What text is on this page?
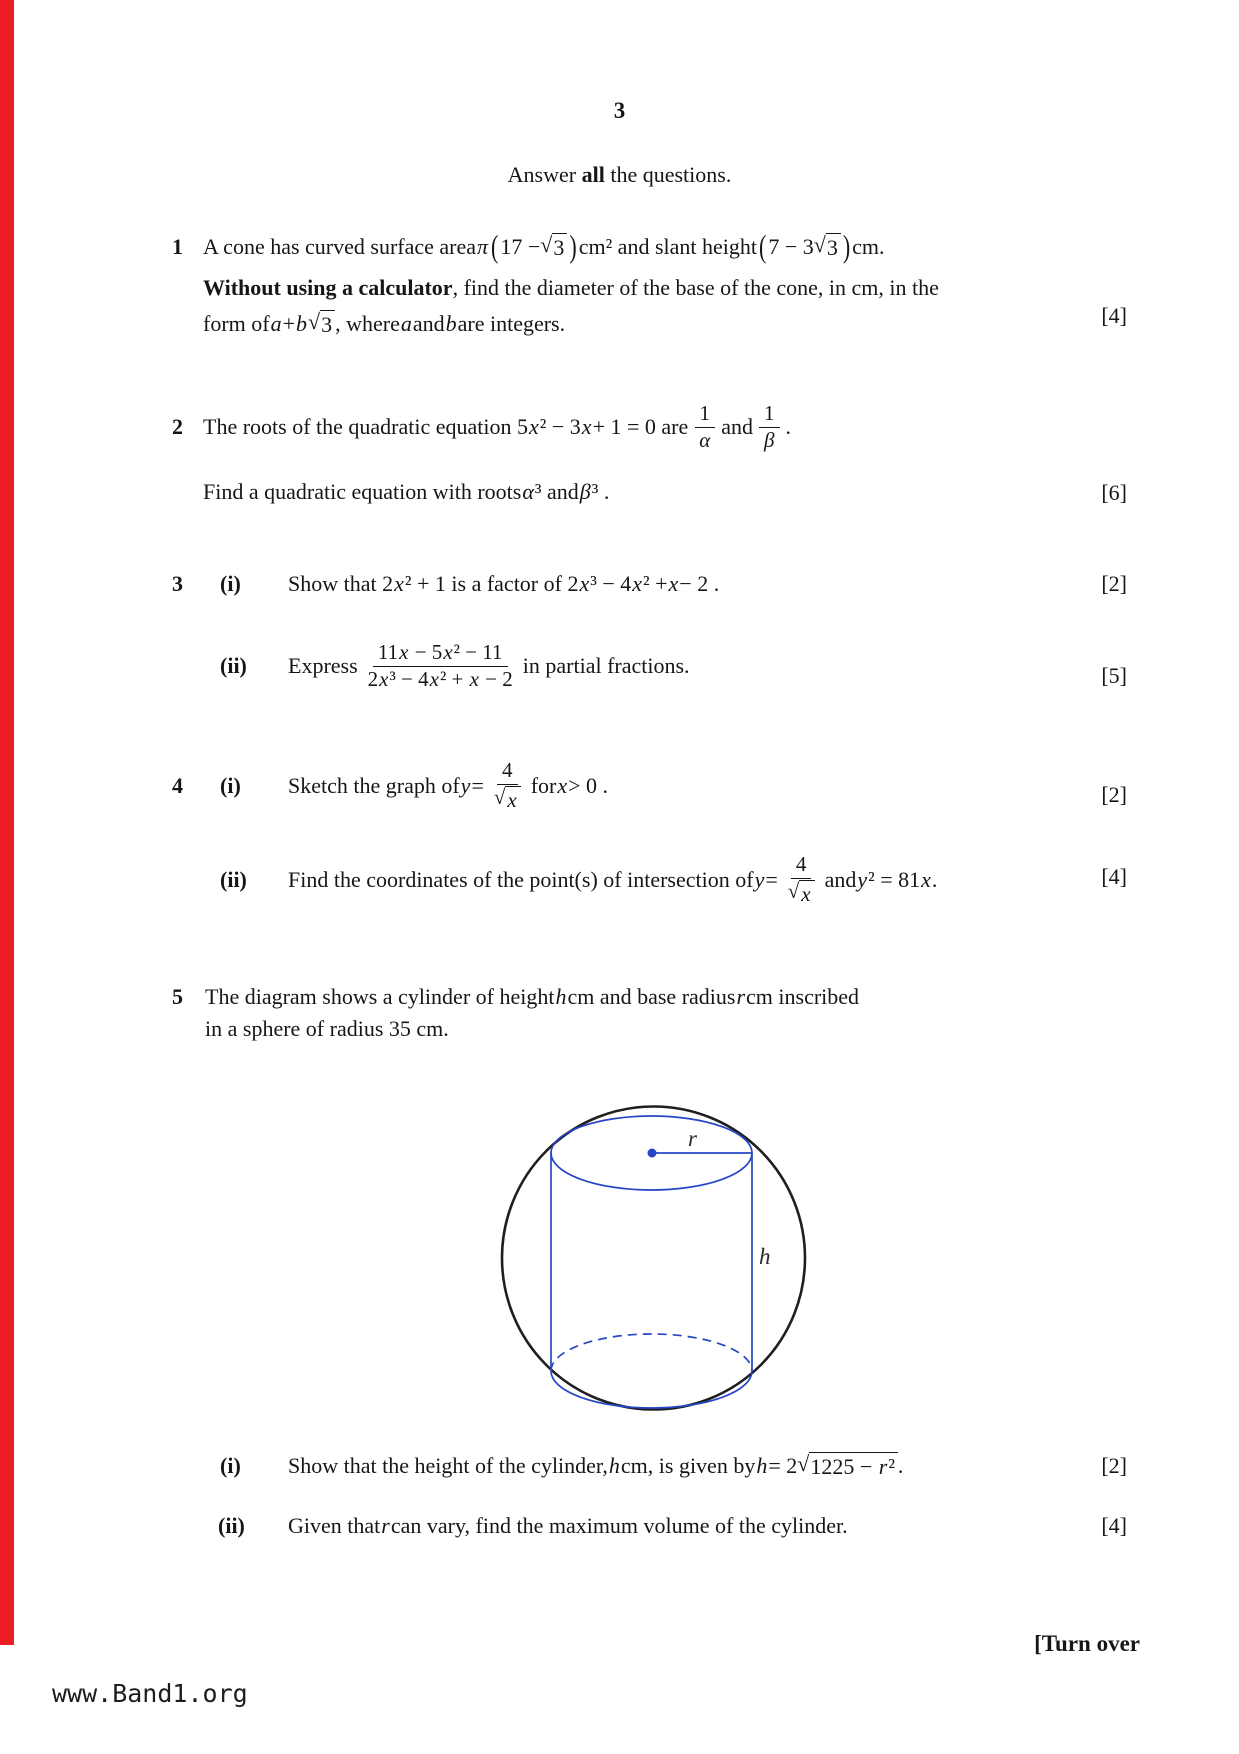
3
Answer all the questions.
1 A cone has curved surface area π ( 17 − √ 3 ) cm² and slant height ( 7 − 3 √ 3 ) cm.
Without using a calculator , find the diameter of the base of the cone, in cm, in the
form of a + b √ 3 , where a and b are integers.	[4]
2 The roots of the quadratic equation 5 x ² − 3 x + 1 = 0 are $\frac{1}{\alpha}$ and $\frac{1}{\beta}$ .
Find a quadratic equation with roots α ³ and β ³ .	[6]
3 (i) Show that 2 x ² + 1 is a factor of 2 x ³ − 4 x ² + x − 2 .	[2]
(ii) Express $\frac{\text{11x − 5x² − 11}}{\text{2x³ − 4x² + x − 2}}$ in partial fractions.	[5]
4 (i) Sketch the graph of $y = \frac{4}{√ x}$ for x > 0 .	[2]
(ii) Find the coordinates of the point(s) of intersection of $y = \frac{4}{√ x}$ and y ² = 81 x .	[4]
5 The diagram shows a cylinder of height h cm and base radius r cm inscribed
in a sphere of radius 35 cm.
r
h
(i) Show that the height of the cylinder, h cm, is given by h = 2 √ 1225 − r² .	[2]
(ii) Given that r can vary, find the maximum volume of the cylinder.	[4]
[Turn over
www.Band1.org
